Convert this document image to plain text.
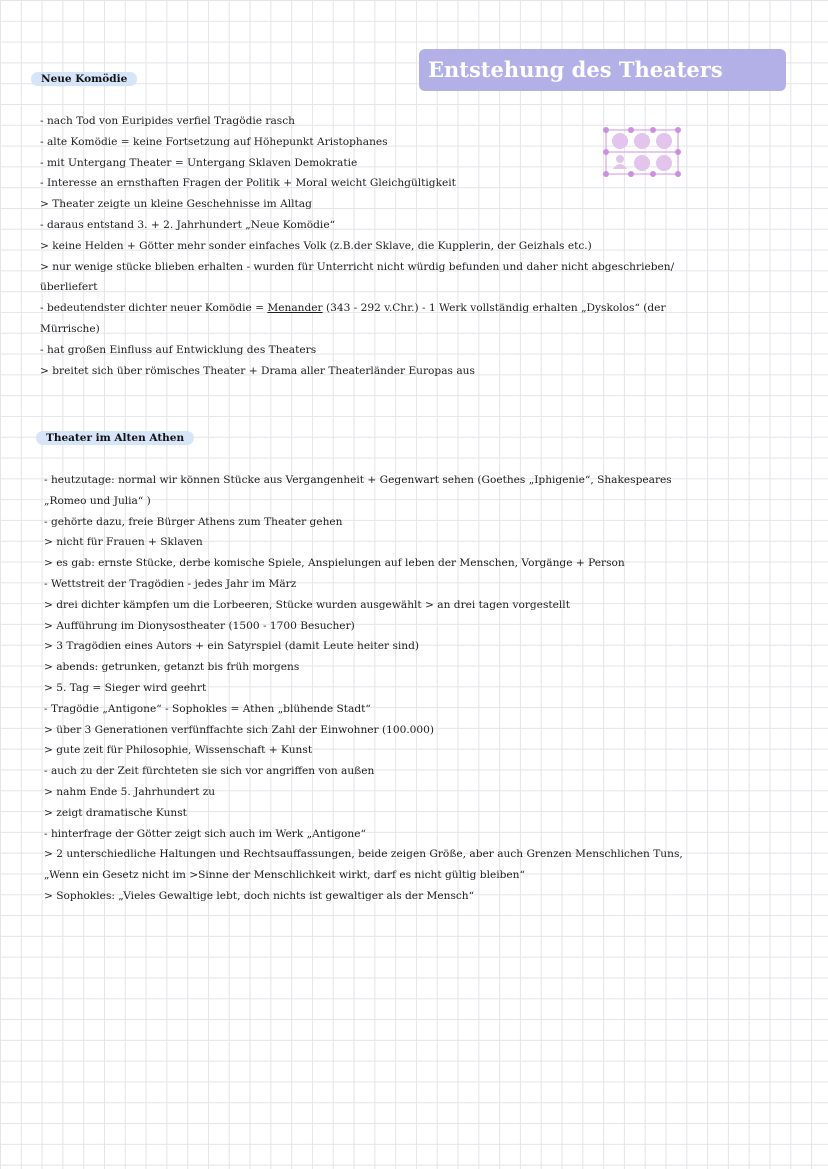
Entstehung des Theaters
Neue Komödie
- nach Tod von Euripides verfiel Tragödie rasch
- alte Komödie = keine Fortsetzung auf Höhepunkt Aristophanes
- mit Untergang Theater = Untergang Sklaven Demokratie
- Interesse an ernsthaften Fragen der Politik + Moral weicht Gleichgültigkeit
> Theater zeigte un kleine Geschehnisse im Alltag
- daraus entstand 3. + 2. Jahrhundert „Neue Komödie“
> keine Helden + Götter mehr sonder einfaches Volk (z.B.der Sklave, die Kupplerin, der Geizhals etc.)
> nur wenige stücke blieben erhalten - wurden für Unterricht nicht würdig befunden und daher nicht abgeschrieben/
überliefert
- bedeutendster dichter neuer Komödie = Menander (343 - 292 v.Chr.) - 1 Werk vollständig erhalten „Dyskolos“ (der
Mürrische)
- hat großen Einfluss auf Entwicklung des Theaters
> breitet sich über römisches Theater + Drama aller Theaterländer Europas aus
Theater im Alten Athen
- heutzutage: normal wir können Stücke aus Vergangenheit + Gegenwart sehen (Goethes „Iphigenie“, Shakespeares
„Romeo und Julia“ )
- gehörte dazu, freie Bürger Athens zum Theater gehen
> nicht für Frauen + Sklaven
> es gab: ernste Stücke, derbe komische Spiele, Anspielungen auf leben der Menschen, Vorgänge + Person
- Wettstreit der Tragödien - jedes Jahr im März
> drei dichter kämpfen um die Lorbeeren, Stücke wurden ausgewählt > an drei tagen vorgestellt
> Aufführung im Dionysostheater (1500 - 1700 Besucher)
> 3 Tragödien eines Autors + ein Satyrspiel (damit Leute heiter sind)
> abends: getrunken, getanzt bis früh morgens
> 5. Tag = Sieger wird geehrt
- Tragödie „Antigone“ - Sophokles = Athen „blühende Stadt“
> über 3 Generationen verfünffachte sich Zahl der Einwohner (100.000)
> gute zeit für Philosophie, Wissenschaft + Kunst
- auch zu der Zeit fürchteten sie sich vor angriffen von außen
> nahm Ende 5. Jahrhundert zu
> zeigt dramatische Kunst
- hinterfrage der Götter zeigt sich auch im Werk „Antigone“
> 2 unterschiedliche Haltungen und Rechtsauffassungen, beide zeigen Größe, aber auch Grenzen Menschlichen Tuns,
„Wenn ein Gesetz nicht im >Sinne der Menschlichkeit wirkt, darf es nicht gültig bleiben“
> Sophokles: „Vieles Gewaltige lebt, doch nichts ist gewaltiger als der Mensch“
